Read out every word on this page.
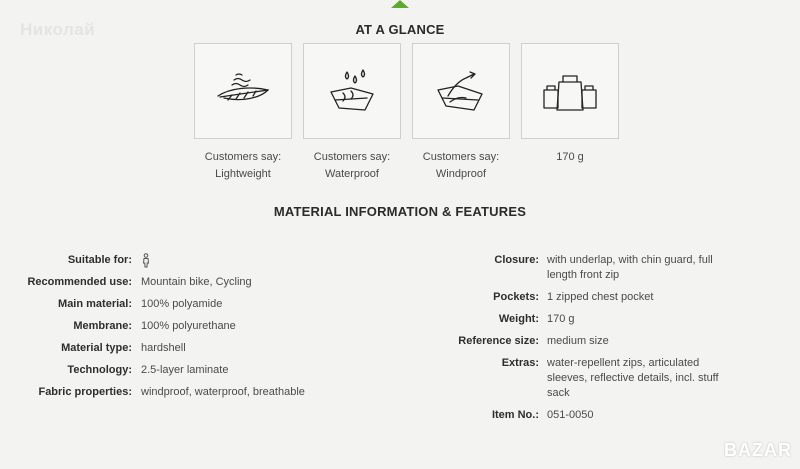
Николай	AT A GLANCE
Customers say:
Lightweight
Customers say:
Waterproof
Customers say:
Windproof
170 g
MATERIAL INFORMATION & FEATURES
Suitable for:
Recommended use: Mountain bike, Cycling
Main material: 100% polyamide
Membrane: 100% polyurethane
Material type: hardshell
Technology: 2.5-layer laminate
Fabric properties: windproof, waterproof, breathable
Closure: with underlap, with chin guard, full length front zip
Pockets: 1 zipped chest pocket
Weight: 170 g
Reference size: medium size
Extras: water-repellent zips, articulated sleeves, reflective details, incl. stuff sack
Item No.: 051-0050
BAZAR
